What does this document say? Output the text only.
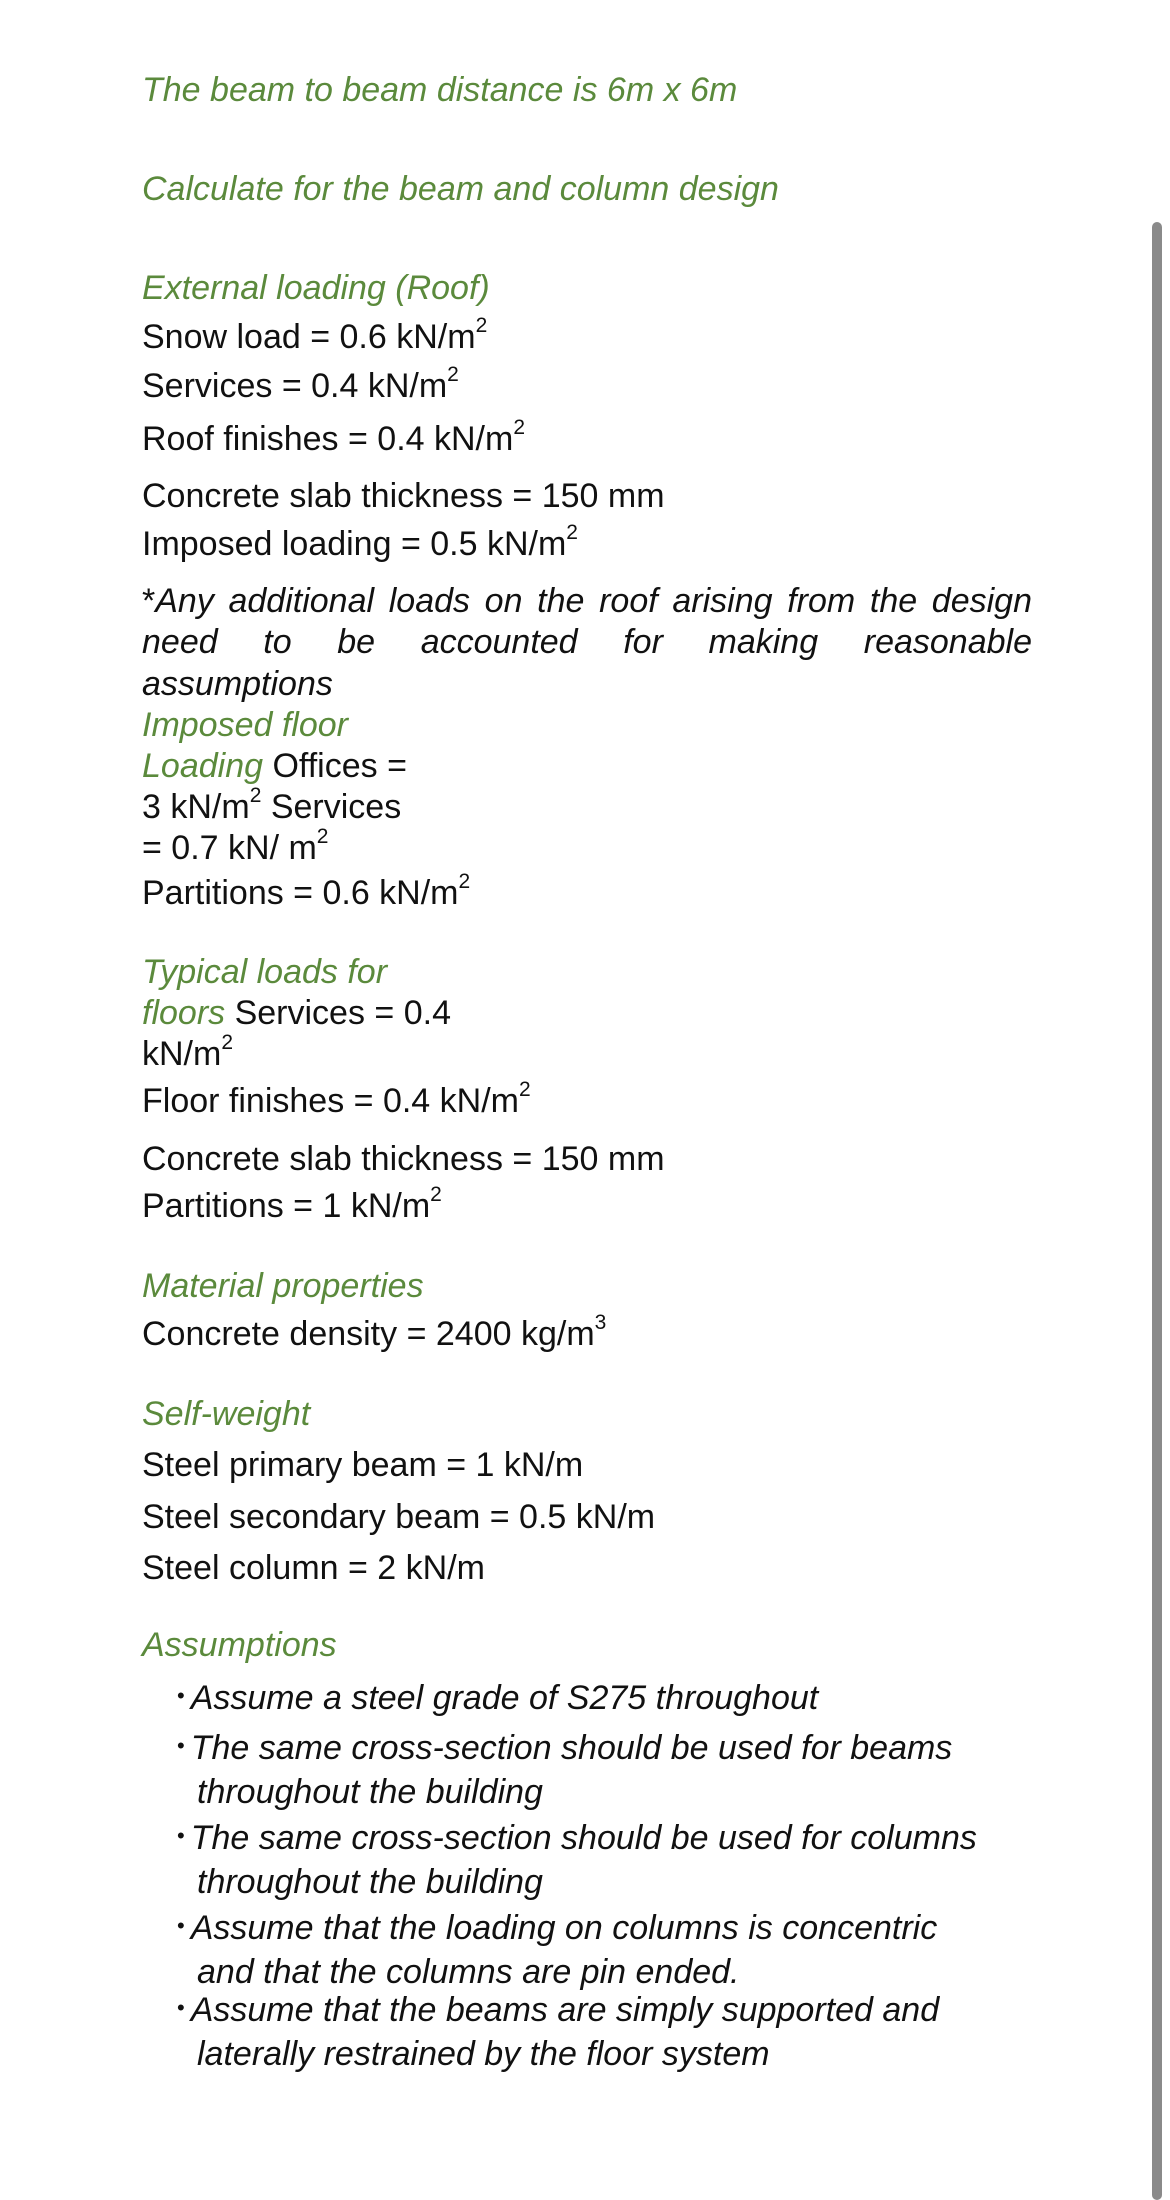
The beam to beam distance is 6m x 6m
Calculate for the beam and column design
External loading (Roof)
Snow load = 0.6 $kN/m^2$
Services = 0.4 $kN/m^2$
Roof finishes = 0.4 $kN/m^2$
Concrete slab thickness = 150 mm
Imposed loading = 0.5 $kN/m^2$
*Any additional loads on the roof arising from the design
need to be accounted for making reasonable
assumptions
Imposed floor
Loading Offices =
3 $kN/m^2$ Services
= 0.7 kN/ $m^2$
Partitions = 0.6 $kN/m^2$
Typical loads for
floors Services = 0.4
$kN/m^2$
Floor finishes = 0.4 $kN/m^2$
Concrete slab thickness = 150 mm
Partitions = 1 $kN/m^2$
Material properties
Concrete density = 2400 $kg/m^3$
Self-weight
Steel primary beam = 1 kN/m
Steel secondary beam = 0.5 kN/m
Steel column = 2 kN/m
Assumptions
• Assume a steel grade of S275 throughout
• The same cross-section should be used for beams
throughout the building
• The same cross-section should be used for columns
throughout the building
• Assume that the loading on columns is concentric
and that the columns are pin ended.
• Assume that the beams are simply supported and
laterally restrained by the floor system
